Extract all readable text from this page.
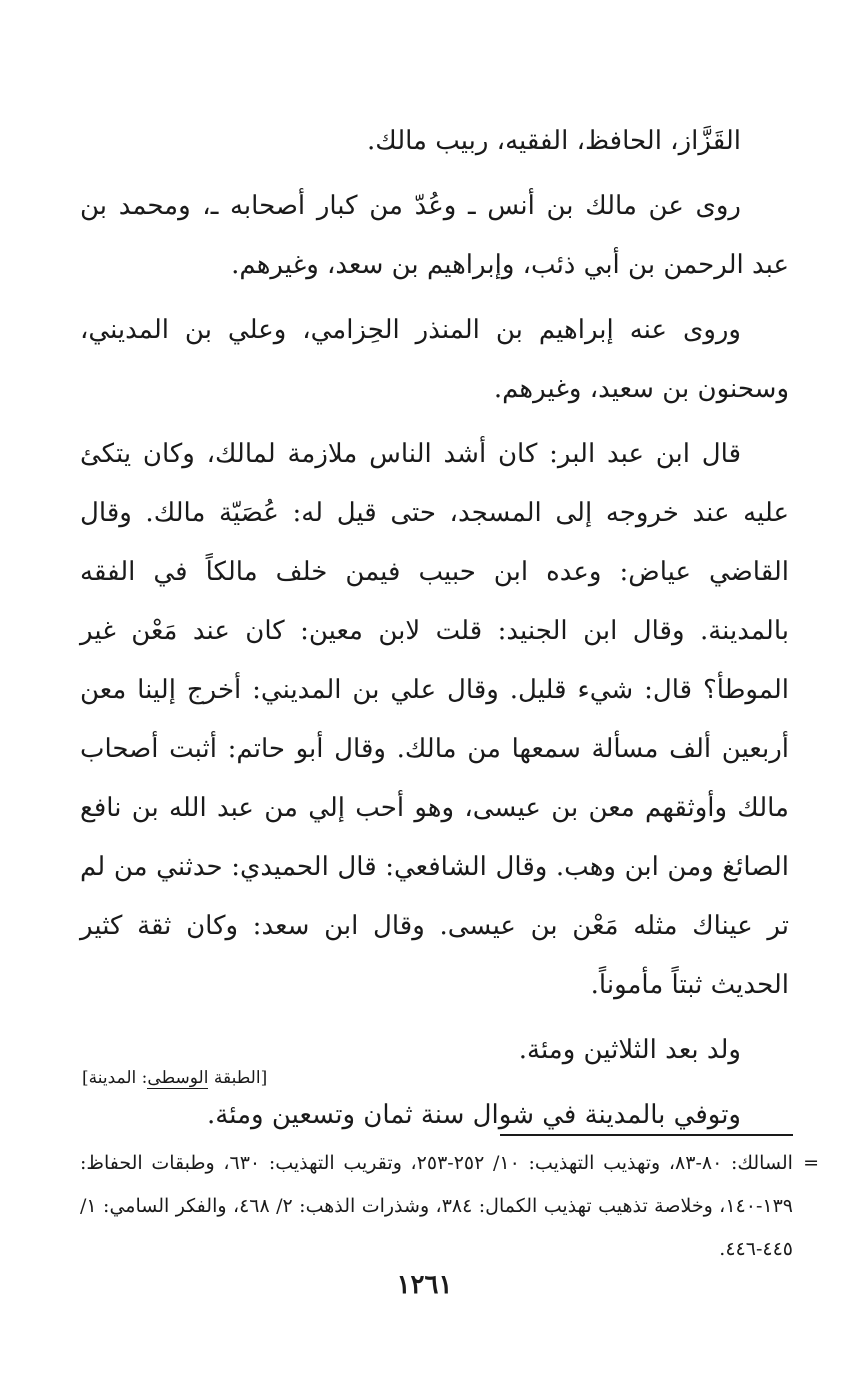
القَزَّاز، الحافظ، الفقيه، ربيب مالك.

روى عن مالك بن أنس ـ وعُدّ من كبار أصحابه ـ، ومحمد بن عبد الرحمن بن أبي ذئب، وإبراهيم بن سعد، وغيرهم.

وروى عنه إبراهيم بن المنذر الحِزامي، وعلي بن المديني، وسحنون بن سعيد، وغيرهم.

قال ابن عبد البر: كان أشد الناس ملازمة لمالك، وكان يتكئ عليه عند خروجه إلى المسجد، حتى قيل له: عُصَيّة مالك. وقال القاضي عياض: وعده ابن حبيب فيمن خلف مالكاً في الفقه بالمدينة. وقال ابن الجنيد: قلت لابن معين: كان عند مَعْن غير الموطأ؟ قال: شيء قليل. وقال علي بن المديني: أخرج إلينا معن أربعين ألف مسألة سمعها من مالك. وقال أبو حاتم: أثبت أصحاب مالك وأوثقهم معن بن عيسى، وهو أحب إلي من عبد الله بن نافع الصائغ ومن ابن وهب. وقال الشافعي: قال الحميدي: حدثني من لم تر عيناك مثله مَعْن بن عيسى. وقال ابن سعد: وكان ثقة كثير الحديث ثبتاً مأموناً.

ولد بعد الثلاثين ومئة.

وتوفي بالمدينة في شوال سنة ثمان وتسعين ومئة.

[الطبقة الوسطى: المدينة]
=
السالك: ٨٠-٨٣، وتهذيب التهذيب: ١٠/ ٢٥٢-٢٥٣، وتقريب التهذيب: ٦٣٠، وطبقات الحفاظ: ١٣٩-١٤٠، وخلاصة تذهيب تهذيب الكمال: ٣٨٤، وشذرات الذهب: ٢/ ٤٦٨، والفكر السامي: ١/ ٤٤٥-٤٤٦.
١٢٦١
